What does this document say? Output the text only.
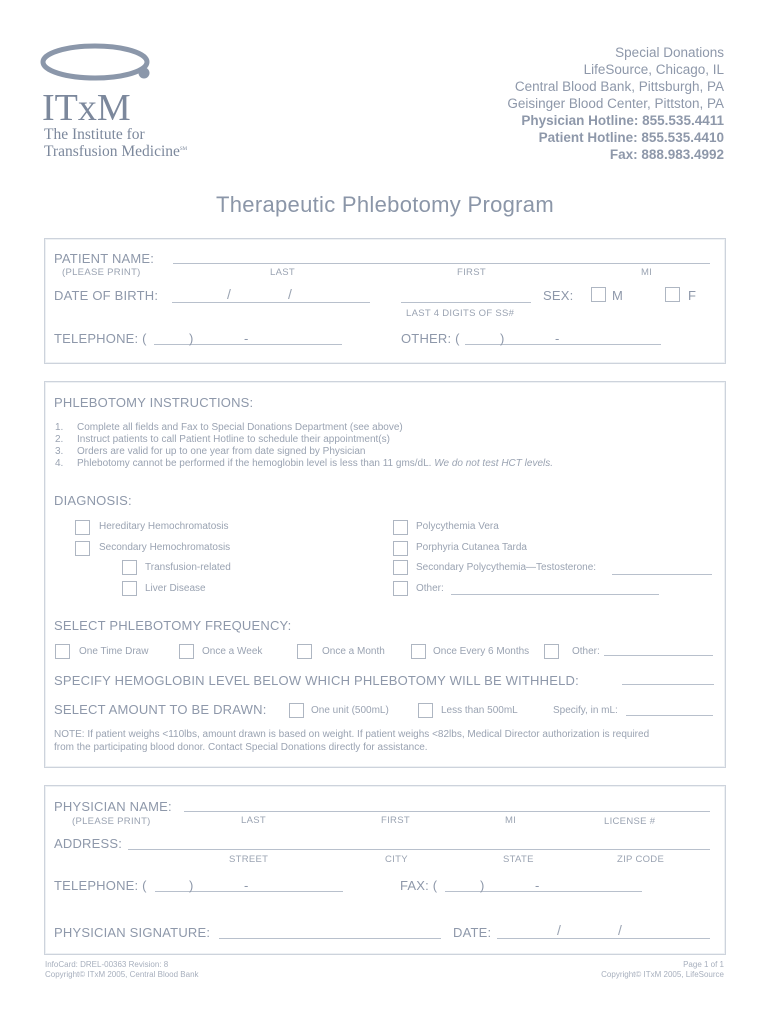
ITxM
The Institute for
Transfusion Medicine℠
Special Donations
LifeSource, Chicago, IL
Central Blood Bank, Pittsburgh, PA
Geisinger Blood Center, Pittston, PA
Physician Hotline: 855.535.4411
Patient Hotline: 855.535.4410
Fax: 888.983.4992
Therapeutic Phlebotomy Program
PATIENT NAME:
(PLEASE PRINT)	LAST	FIRST	MI
DATE OF BIRTH:	/	/
LAST 4 DIGITS OF SS#
SEX:	M	F
TELEPHONE: (	)	-	OTHER: (	)	-
PHLEBOTOMY INSTRUCTIONS:
1. Complete all fields and Fax to Special Donations Department (see above)
2. Instruct patients to call Patient Hotline to schedule their appointment(s)
3. Orders are valid for up to one year from date signed by Physician
4. Phlebotomy cannot be performed if the hemoglobin level is less than 11 gms/dL. We do not test HCT levels.
DIAGNOSIS:
Hereditary Hemochromatosis
Secondary Hemochromatosis
Transfusion-related
Liver Disease
Polycythemia Vera
Porphyria Cutanea Tarda
Secondary Polycythemia—Testosterone:
Other:
SELECT PHLEBOTOMY FREQUENCY:
One Time Draw	Once a Week	Once a Month	Once Every 6 Months	Other:
SPECIFY HEMOGLOBIN LEVEL BELOW WHICH PHLEBOTOMY WILL BE WITHHELD:
SELECT AMOUNT TO BE DRAWN:	One unit (500mL)	Less than 500mL	Specify, in mL:
NOTE: If patient weighs <110lbs, amount drawn is based on weight. If patient weighs <82lbs, Medical Director authorization is required
from the participating blood donor. Contact Special Donations directly for assistance.
PHYSICIAN NAME:
(PLEASE PRINT)	LAST	FIRST	MI	LICENSE #
ADDRESS:
STREET	CITY	STATE	ZIP CODE
TELEPHONE: (	)	-	FAX: (	)	-
PHYSICIAN SIGNATURE:	DATE:	/	/
InfoCard: DREL-00363 Revision: 8
Copyright© ITxM 2005, Central Blood Bank
Page 1 of 1
Copyright© ITxM 2005, LifeSource
